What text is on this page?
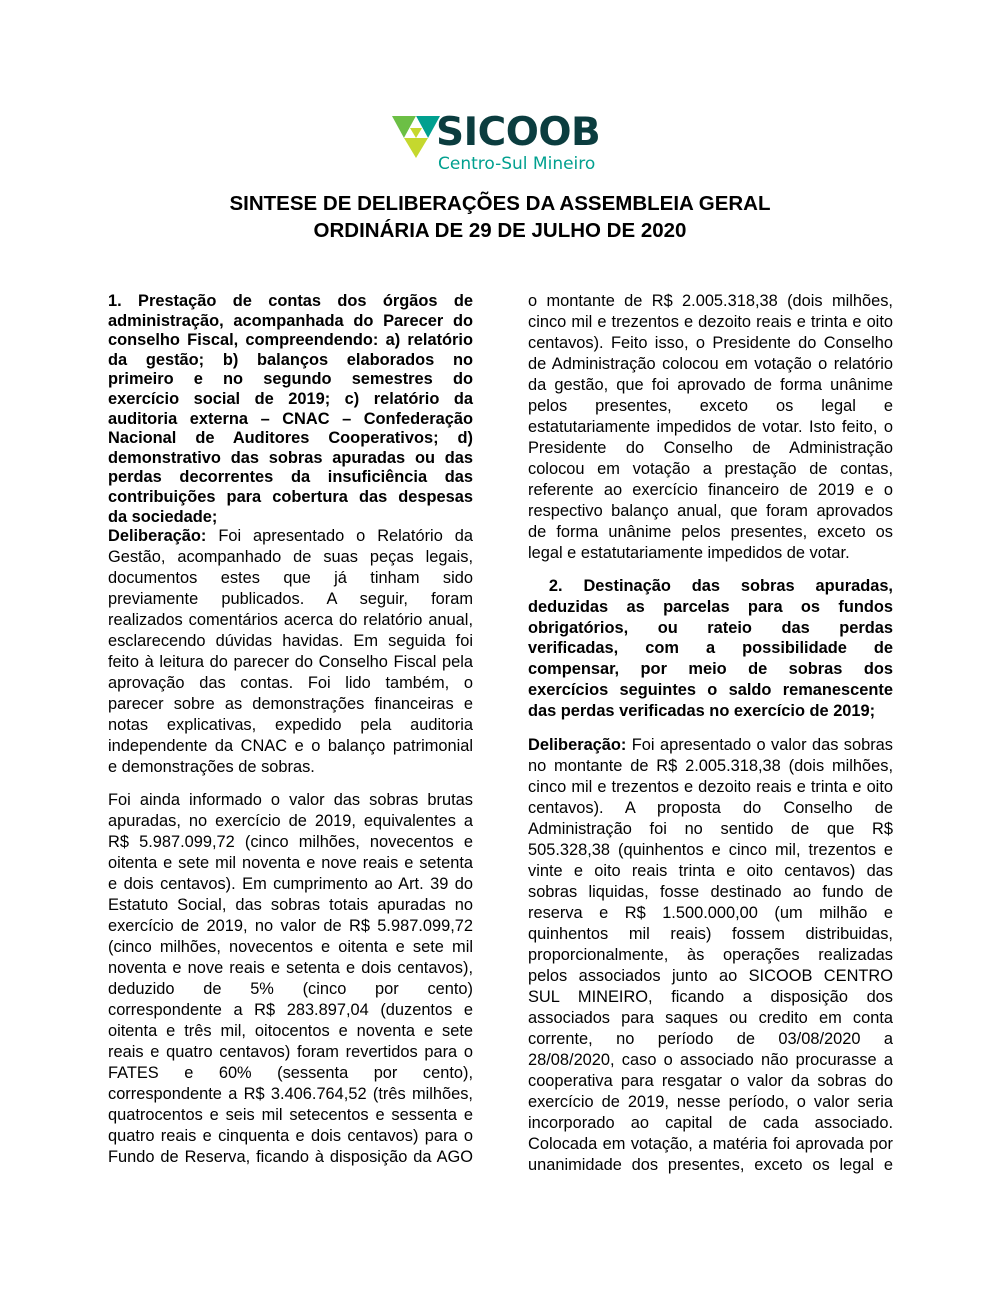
SICOOB
Centro-Sul Mineiro
SINTESE DE DELIBERAÇÕES DA ASSEMBLEIA GERAL
ORDINÁRIA DE 29 DE JULHO DE 2020
1. Prestação de contas dos órgãos de
administração, acompanhada do Parecer do
conselho Fiscal, compreendendo: a) relatório
da gestão; b) balanços elaborados no
primeiro e no segundo semestres do
exercício social de 2019; c) relatório da
auditoria externa – CNAC – Confederação
Nacional de Auditores Cooperativos; d)
demonstrativo das sobras apuradas ou das
perdas decorrentes da insuficiência das
contribuições para cobertura das despesas
da sociedade;
Deliberação: Foi apresentado o Relatório da
Gestão, acompanhado de suas peças legais,
documentos estes que já tinham sido
previamente publicados. A seguir, foram
realizados comentários acerca do relatório anual,
esclarecendo dúvidas havidas. Em seguida foi
feito à leitura do parecer do Conselho Fiscal pela
aprovação das contas. Foi lido também, o
parecer sobre as demonstrações financeiras e
notas explicativas, expedido pela auditoria
independente da CNAC e o balanço patrimonial
e demonstrações de sobras.
Foi ainda informado o valor das sobras brutas
apuradas, no exercício de 2019, equivalentes a
R$ 5.987.099,72 (cinco milhões, novecentos e
oitenta e sete mil noventa e nove reais e setenta
e dois centavos). Em cumprimento ao Art. 39 do
Estatuto Social, das sobras totais apuradas no
exercício de 2019, no valor de R$ 5.987.099,72
(cinco milhões, novecentos e oitenta e sete mil
noventa e nove reais e setenta e dois centavos),
deduzido de 5% (cinco por cento)
correspondente a R$ 283.897,04 (duzentos e
oitenta e três mil, oitocentos e noventa e sete
reais e quatro centavos) foram revertidos para o
FATES e 60% (sessenta por cento),
correspondente a R$ 3.406.764,52 (três milhões,
quatrocentos e seis mil setecentos e sessenta e
quatro reais e cinquenta e dois centavos) para o
Fundo de Reserva, ficando à disposição da AGO
o montante de R$ 2.005.318,38 (dois milhões,
cinco mil e trezentos e dezoito reais e trinta e oito
centavos). Feito isso, o Presidente do Conselho
de Administração colocou em votação o relatório
da gestão, que foi aprovado de forma unânime
pelos presentes, exceto os legal e
estatutariamente impedidos de votar. Isto feito, o
Presidente do Conselho de Administração
colocou em votação a prestação de contas,
referente ao exercício financeiro de 2019 e o
respectivo balanço anual, que foram aprovados
de forma unânime pelos presentes, exceto os
legal e estatutariamente impedidos de votar.
2. Destinação das sobras apuradas,
deduzidas as parcelas para os fundos
obrigatórios, ou rateio das perdas
verificadas, com a possibilidade de
compensar, por meio de sobras dos
exercícios seguintes o saldo remanescente
das perdas verificadas no exercício de 2019;
Deliberação: Foi apresentado o valor das sobras
no montante de R$ 2.005.318,38 (dois milhões,
cinco mil e trezentos e dezoito reais e trinta e oito
centavos). A proposta do Conselho de
Administração foi no sentido de que R$
505.328,38 (quinhentos e cinco mil, trezentos e
vinte e oito reais trinta e oito centavos) das
sobras liquidas, fosse destinado ao fundo de
reserva e R$ 1.500.000,00 (um milhão e
quinhentos mil reais) fossem distribuidas,
proporcionalmente, às operações realizadas
pelos associados junto ao SICOOB CENTRO
SUL MINEIRO, ficando a disposição dos
associados para saques ou credito em conta
corrente, no período de 03/08/2020 a
28/08/2020, caso o associado não procurasse a
cooperativa para resgatar o valor da sobras do
exercício de 2019, nesse período, o valor seria
incorporado ao capital de cada associado.
Colocada em votação, a matéria foi aprovada por
unanimidade dos presentes, exceto os legal e
